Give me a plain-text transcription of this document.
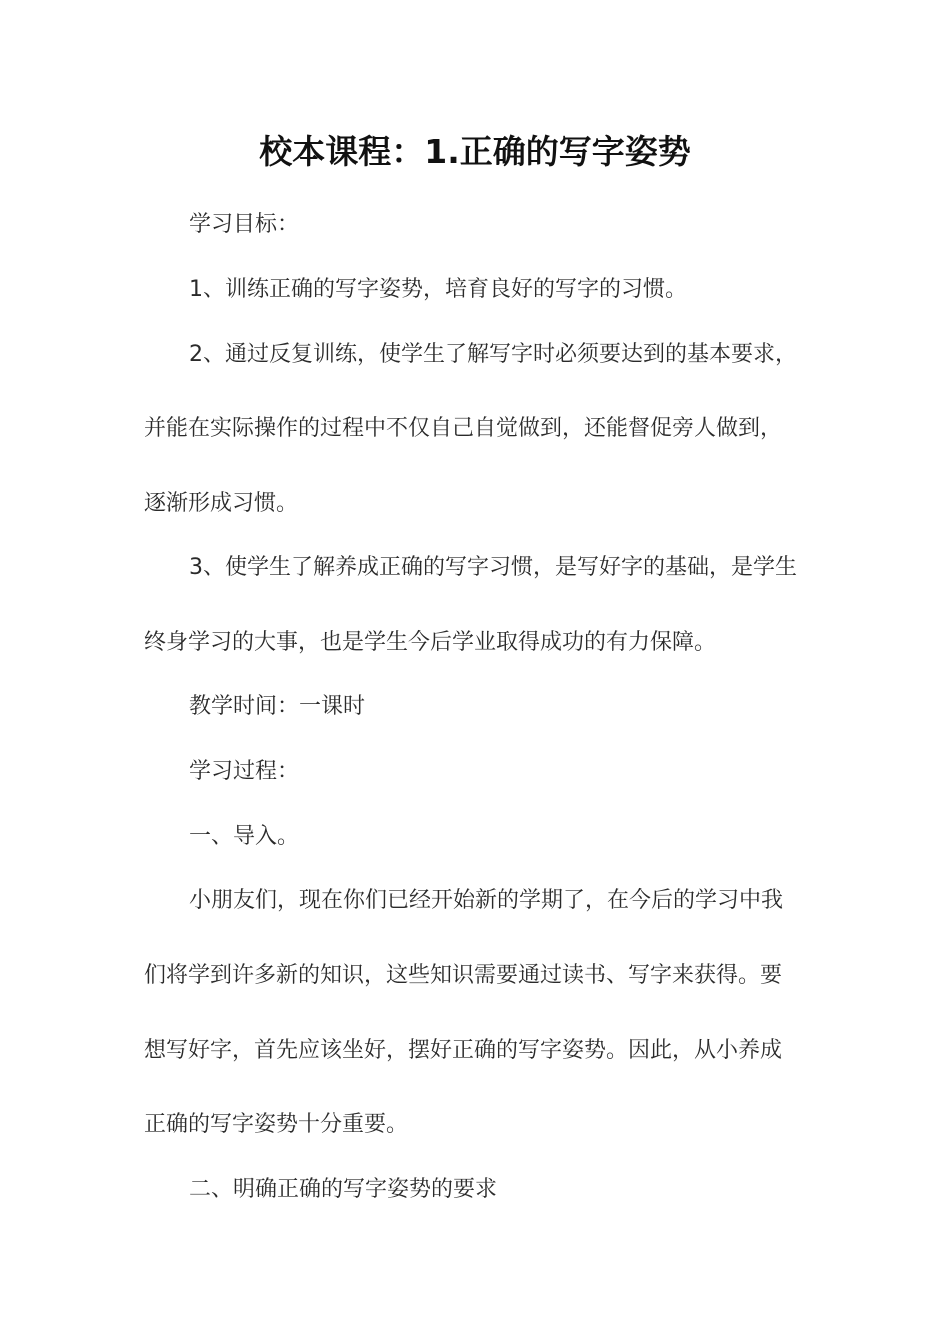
校本课程：1.正确的写字姿势

学习目标：

1、训练正确的写字姿势，培育良好的写字的习惯。

2、通过反复训练，使学生了解写字时必须要达到的基本要求，

并能在实际操作的过程中不仅自己自觉做到，还能督促旁人做到，

逐渐形成习惯。

3、使学生了解养成正确的写字习惯，是写好字的基础，是学生

终身学习的大事，也是学生今后学业取得成功的有力保障。

教学时间：一课时

学习过程：

一、导入。

小朋友们，现在你们已经开始新的学期了，在今后的学习中我

们将学到许多新的知识，这些知识需要通过读书、写字来获得。要

想写好字，首先应该坐好，摆好正确的写字姿势。因此，从小养成

正确的写字姿势十分重要。

二、明确正确的写字姿势的要求
